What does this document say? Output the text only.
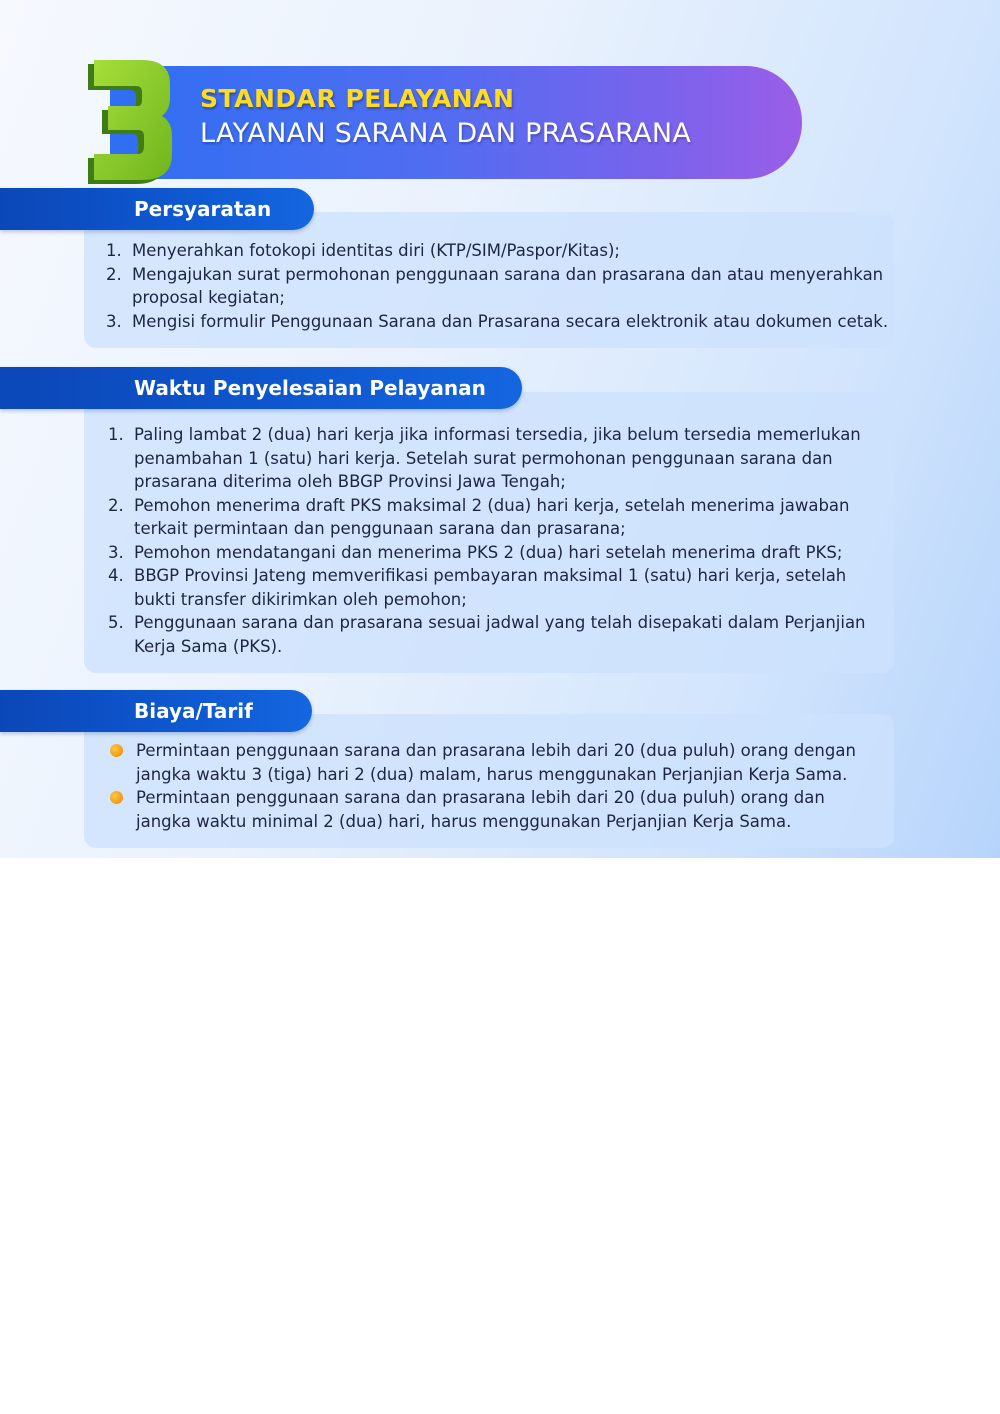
STANDAR PELAYANAN
LAYANAN SARANA DAN PRASARANA
1. Menyerahkan fotokopi identitas diri (KTP/SIM/Paspor/Kitas);
2. Mengajukan surat permohonan penggunaan sarana dan prasarana dan atau menyerahkan proposal kegiatan;
3. Mengisi formulir Penggunaan Sarana dan Prasarana secara elektronik atau dokumen cetak.
Persyaratan
1. Paling lambat 2 (dua) hari kerja jika informasi tersedia, jika belum tersedia memerlukan penambahan 1 (satu) hari kerja. Setelah surat permohonan penggunaan sarana dan prasarana diterima oleh BBGP Provinsi Jawa Tengah;
2. Pemohon menerima draft PKS maksimal 2 (dua) hari kerja, setelah menerima jawaban terkait permintaan dan penggunaan sarana dan prasarana;
3. Pemohon mendatangani dan menerima PKS 2 (dua) hari setelah menerima draft PKS;
4. BBGP Provinsi Jateng memverifikasi pembayaran maksimal 1 (satu) hari kerja, setelah bukti transfer dikirimkan oleh pemohon;
5. Penggunaan sarana dan prasarana sesuai jadwal yang telah disepakati dalam Perjanjian Kerja Sama (PKS).
Waktu Penyelesaian Pelayanan
Permintaan penggunaan sarana dan prasarana lebih dari 20 (dua puluh) orang dengan jangka waktu 3 (tiga) hari 2 (dua) malam, harus menggunakan Perjanjian Kerja Sama.
Permintaan penggunaan sarana dan prasarana lebih dari 20 (dua puluh) orang dan jangka waktu minimal 2 (dua) hari, harus menggunakan Perjanjian Kerja Sama.
Biaya/Tarif
